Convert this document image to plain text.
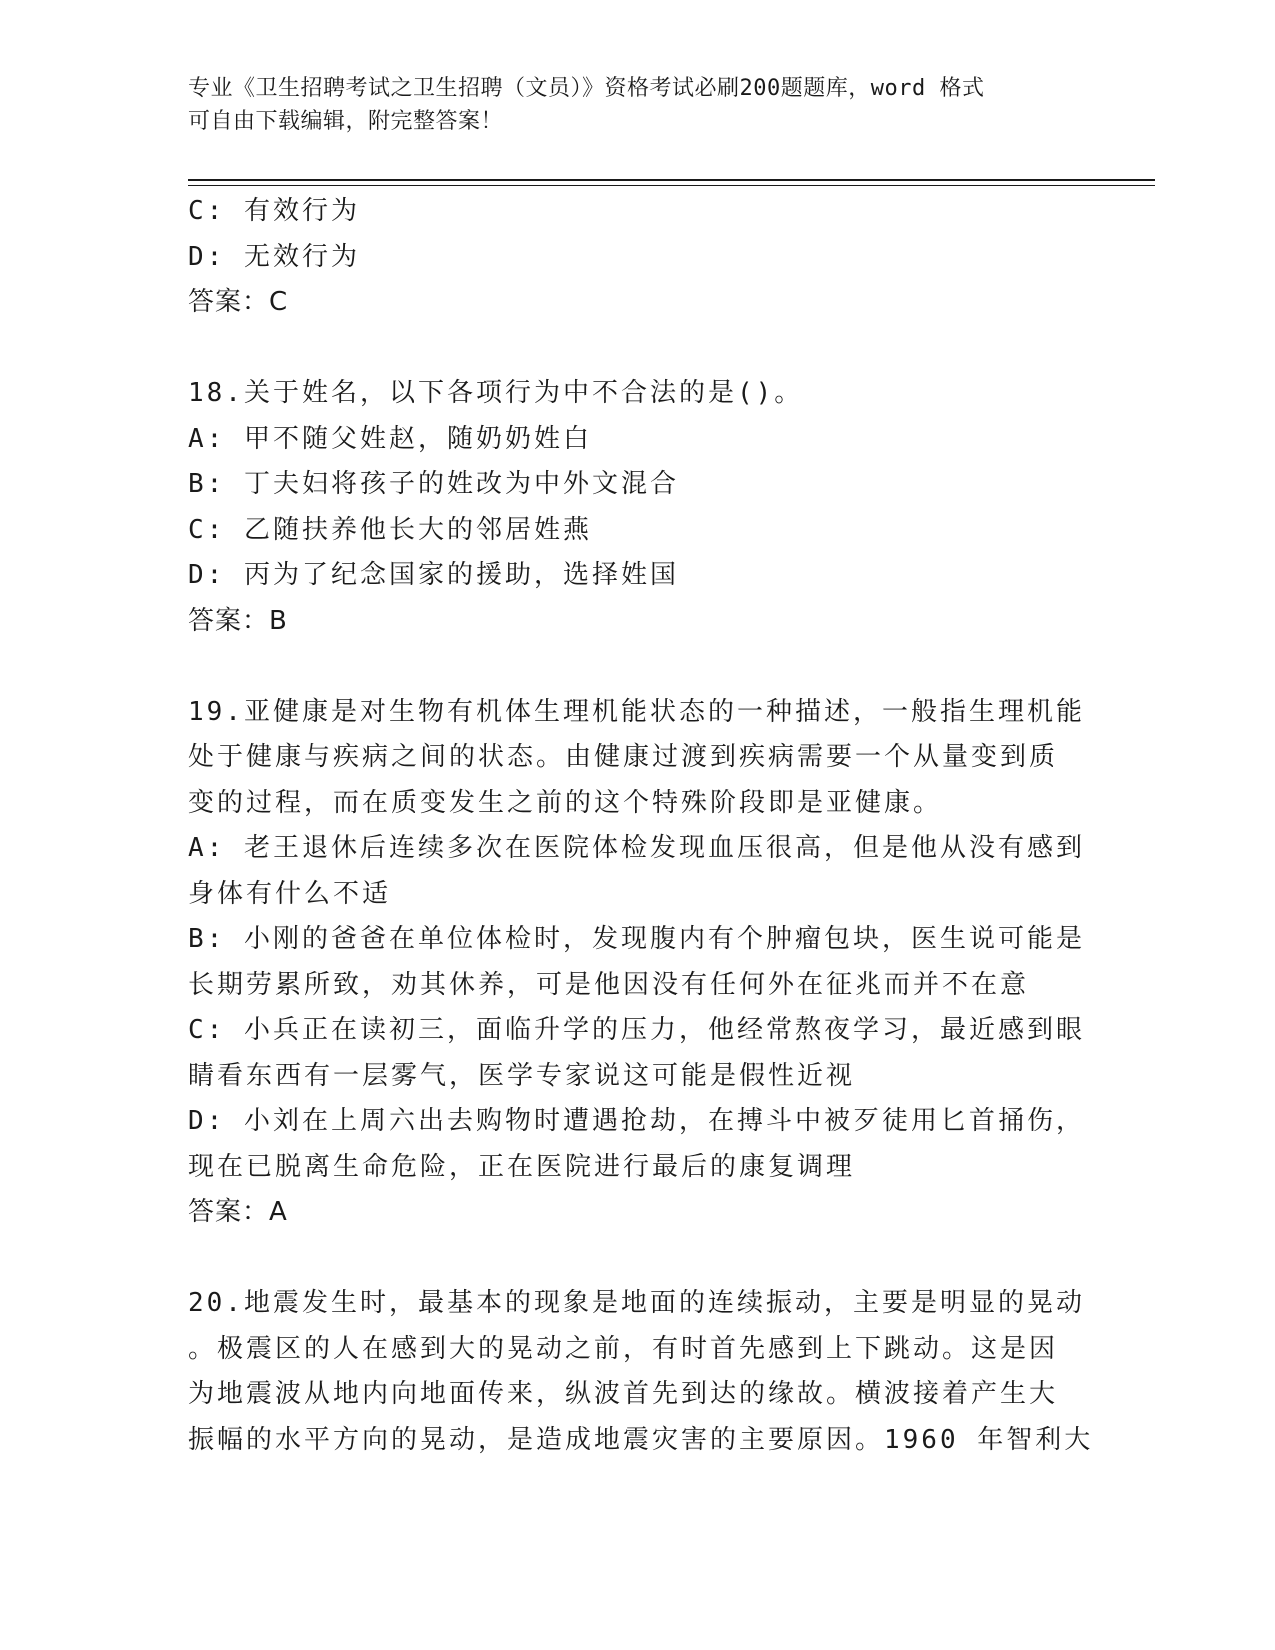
专业《卫生招聘考试之卫生招聘（文员）》资格考试必刷200题题库，word 格式
可自由下载编辑，附完整答案！
C: 有效行为
D: 无效行为
答案：C
18.关于姓名，以下各项行为中不合法的是()。
A: 甲不随父姓赵，随奶奶姓白
B: 丁夫妇将孩子的姓改为中外文混合
C: 乙随扶养他长大的邻居姓燕
D: 丙为了纪念国家的援助，选择姓国
答案：B
19.亚健康是对生物有机体生理机能状态的一种描述，一般指生理机能
处于健康与疾病之间的状态。由健康过渡到疾病需要一个从量变到质
变的过程，而在质变发生之前的这个特殊阶段即是亚健康。
A: 老王退休后连续多次在医院体检发现血压很高，但是他从没有感到
身体有什么不适
B: 小刚的爸爸在单位体检时，发现腹内有个肿瘤包块，医生说可能是
长期劳累所致，劝其休养，可是他因没有任何外在征兆而并不在意
C: 小兵正在读初三，面临升学的压力，他经常熬夜学习，最近感到眼
睛看东西有一层雾气，医学专家说这可能是假性近视
D: 小刘在上周六出去购物时遭遇抢劫，在搏斗中被歹徒用匕首捅伤，
现在已脱离生命危险，正在医院进行最后的康复调理
答案：A
20.地震发生时，最基本的现象是地面的连续振动，主要是明显的晃动
。极震区的人在感到大的晃动之前，有时首先感到上下跳动。这是因
为地震波从地内向地面传来，纵波首先到达的缘故。横波接着产生大
振幅的水平方向的晃动，是造成地震灾害的主要原因。1960 年智利大
